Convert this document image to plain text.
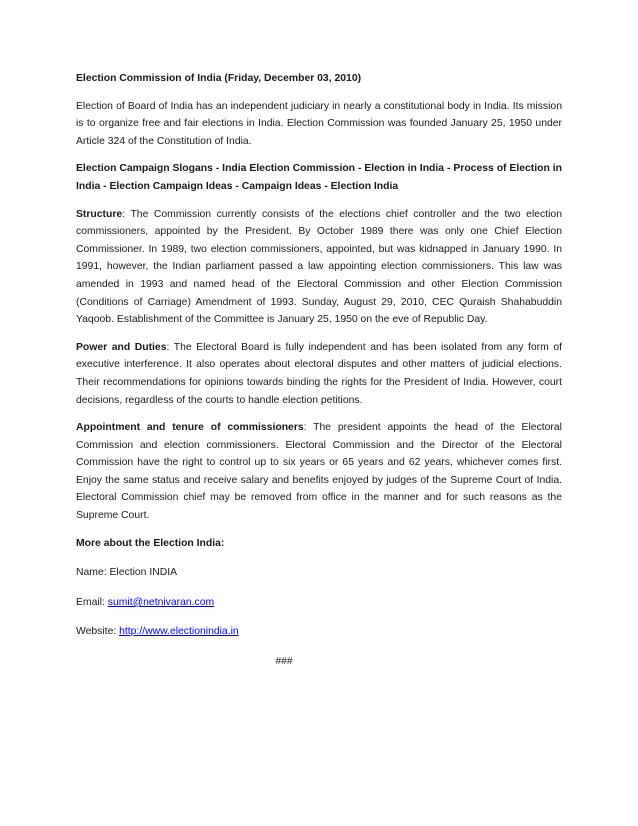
Election Commission of India (Friday, December 03, 2010)

Election of Board of India has an independent judiciary in nearly a constitutional body in India. Its mission is to organize free and fair elections in India. Election Commission was founded January 25, 1950 under Article 324 of the Constitution of India.

Election Campaign Slogans - India Election Commission - Election in India - Process of Election in India - Election Campaign Ideas - Campaign Ideas - Election India

Structure: The Commission currently consists of the elections chief controller and the two election commissioners, appointed by the President. By October 1989 there was only one Chief Election Commissioner. In 1989, two election commissioners, appointed, but was kidnapped in January 1990. In 1991, however, the Indian parliament passed a law appointing election commissioners. This law was amended in 1993 and named head of the Electoral Commission and other Election Commission (Conditions of Carriage) Amendment of 1993. Sunday, August 29, 2010, CEC Quraish Shahabuddin Yaqoob. Establishment of the Committee is January 25, 1950 on the eve of Republic Day.

Power and Duties: The Electoral Board is fully independent and has been isolated from any form of executive interference. It also operates about electoral disputes and other matters of judicial elections. Their recommendations for opinions towards binding the rights for the President of India. However, court decisions, regardless of the courts to handle election petitions.

Appointment and tenure of commissioners: The president appoints the head of the Electoral Commission and election commissioners. Electoral Commission and the Director of the Electoral Commission have the right to control up to six years or 65 years and 62 years, whichever comes first. Enjoy the same status and receive salary and benefits enjoyed by judges of the Supreme Court of India. Electoral Commission chief may be removed from office in the manner and for such reasons as the Supreme Court.

More about the Election India:
Name: Election INDIA
Email: sumit@netnivaran.com
Website: http://www.electionindia.in
###
